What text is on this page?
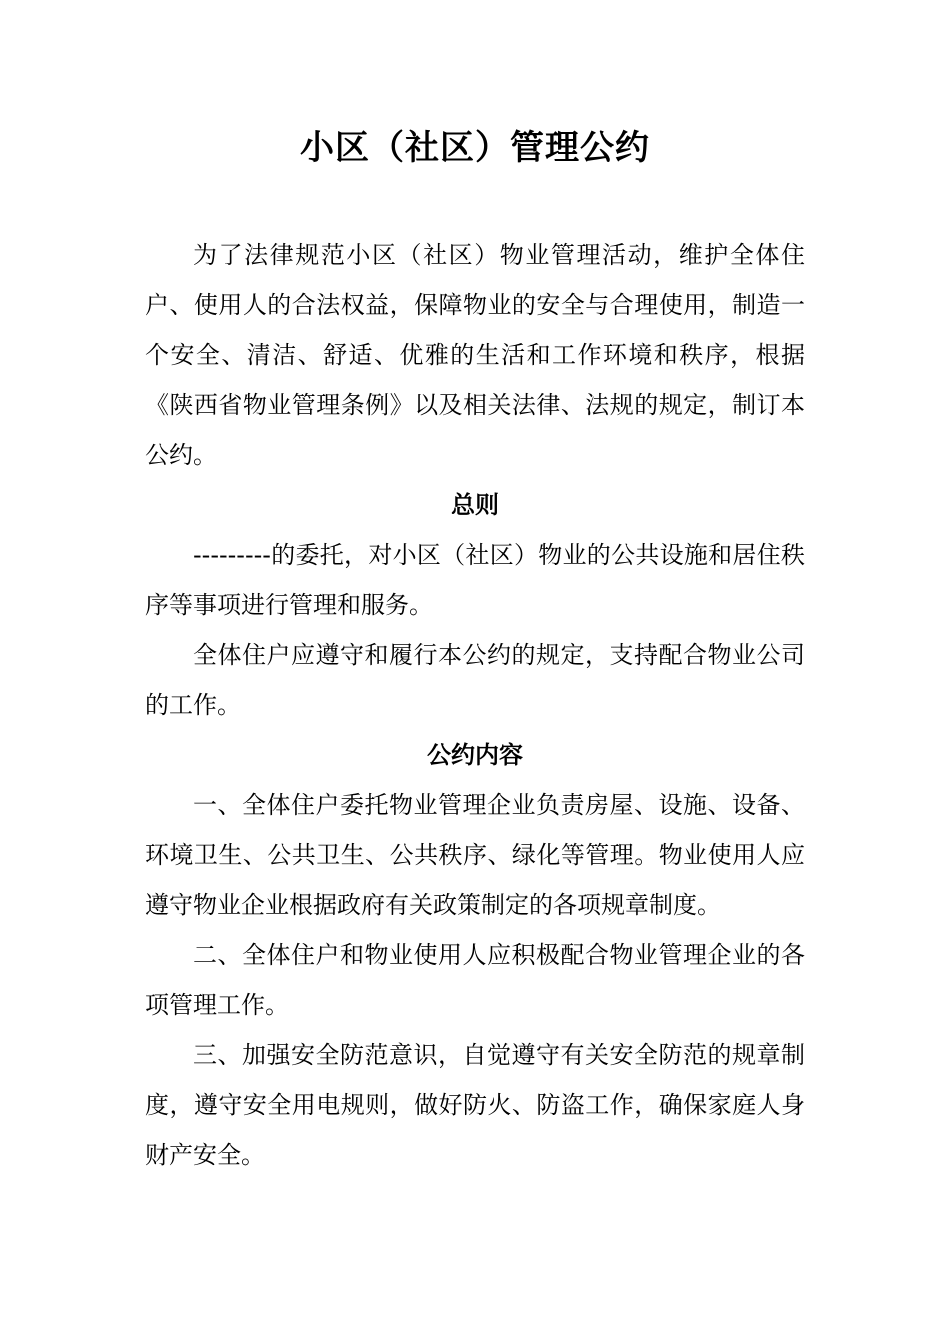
小区（社区）管理公约

为了法律规范小区（社区）物业管理活动，维护全体住户、使用人的合法权益，保障物业的安全与合理使用，制造一个安全、清洁、舒适、优雅的生活和工作环境和秩序，根据《陕西省物业管理条例》以及相关法律、法规的规定，制订本公约。

总则

---------的委托，对小区（社区）物业的公共设施和居住秩序等事项进行管理和服务。

全体住户应遵守和履行本公约的规定，支持配合物业公司的工作。

公约内容

一、全体住户委托物业管理企业负责房屋、设施、设备、环境卫生、公共卫生、公共秩序、绿化等管理。物业使用人应遵守物业企业根据政府有关政策制定的各项规章制度。

二、全体住户和物业使用人应积极配合物业管理企业的各项管理工作。

三、加强安全防范意识，自觉遵守有关安全防范的规章制度，遵守安全用电规则，做好防火、防盗工作，确保家庭人身财产安全。
